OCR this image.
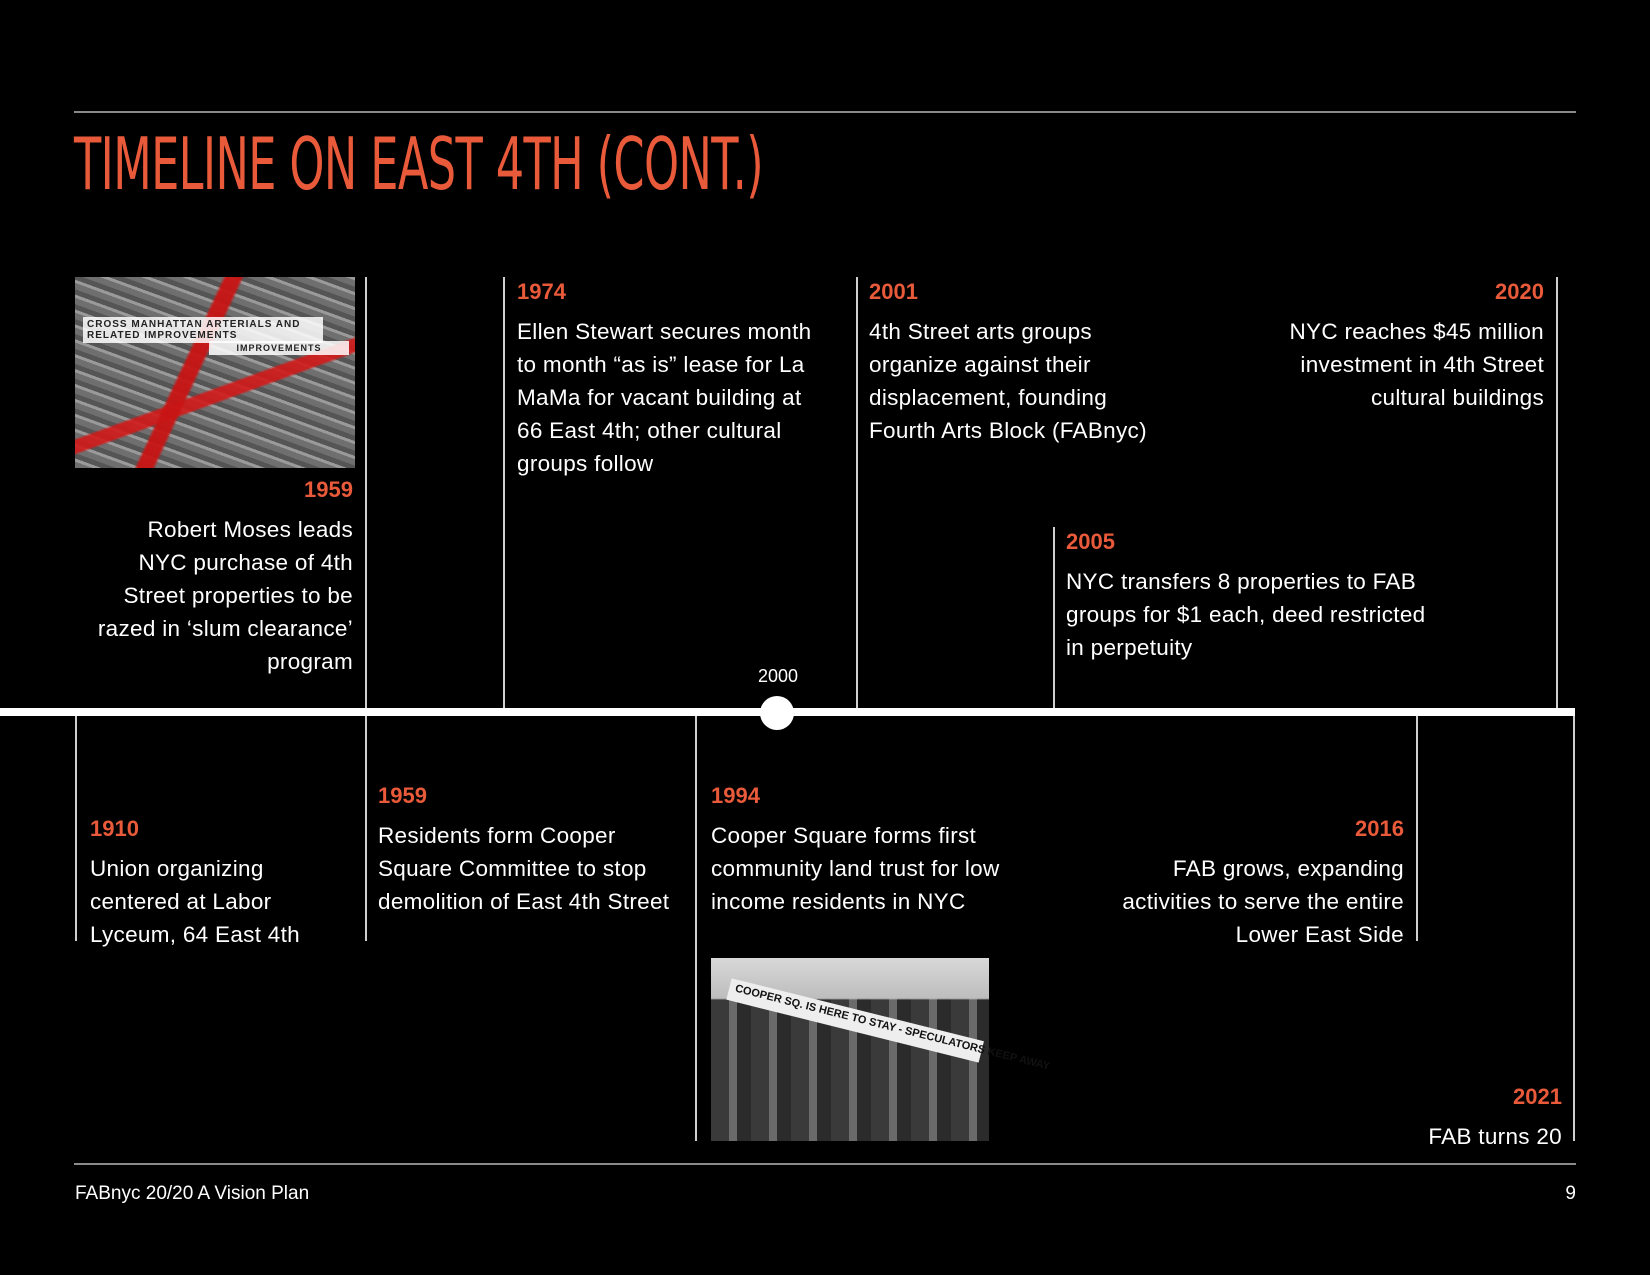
TIMELINE ON EAST 4TH (CONT.)
2000
CROSS MANHATTAN ARTERIALS AND RELATED IMPROVEMENTS
IMPROVEMENTS
1959
Robert Moses leads NYC purchase of 4th Street properties to be razed in ‘slum clearance’ program
1974
Ellen Stewart secures month to month “as is” lease for La MaMa for vacant building at 66 East 4th; other cultural groups follow
2001
4th Street arts groups organize against their displacement, founding Fourth Arts Block (FABnyc)
2020
NYC reaches $45 million investment in 4th Street cultural buildings
2005
NYC transfers 8 properties to FAB groups for $1 each, deed restricted in perpetuity
1910
Union organizing centered at Labor Lyceum, 64 East 4th
1959
Residents form Cooper Square Committee to stop demolition of East 4th Street
1994
Cooper Square forms first community land trust for low income residents in NYC
2016
FAB grows, expanding activities to serve the entire Lower East Side
2021
FAB turns 20
COOPER SQ. IS HERE TO STAY - SPECULATORS KEEP AWAY
FABnyc 20/20 A Vision Plan	9
